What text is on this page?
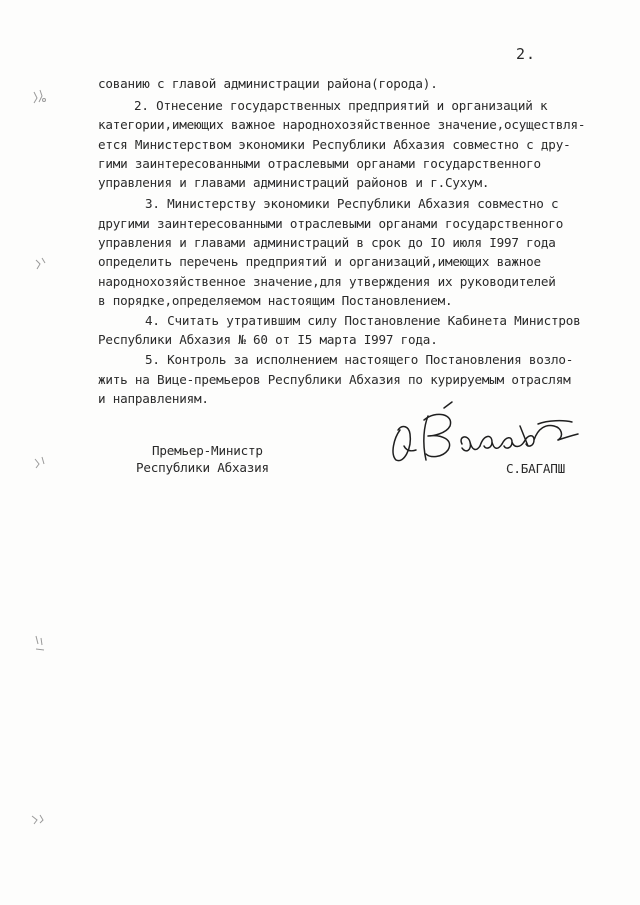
2.
сованию с главой администрации района(города).
2. Отнесение государственных предприятий и организаций к
категории,имеющих важное народнохозяйственное значение,осуществля-
ется Министерством экономики Республики Абхазия совместно с дру-
гими заинтересованными отраслевыми органами государственного
управления и главами администраций районов и г.Сухум.
3. Министерству экономики Республики Абхазия совместно с
другими заинтересованными отраслевыми органами государственного
управления и главами администраций в срок до IO июля I997 года
определить перечень предприятий и организаций,имеющих важное
народнохозяйственное значение,для утверждения их руководителей
в порядке,определяемом настоящим Постановлением.
4. Считать утратившим силу Постановление Кабинета Министров
Республики Абхазия № 60 от I5 марта I997 года.
5. Контроль за исполнением настоящего Постановления возло-
жить на Вице-премьеров Республики Абхазия по курируемым отраслям
и направлениям.
Премьер-Министр
Республики Абхазия	С.БАГАПШ
